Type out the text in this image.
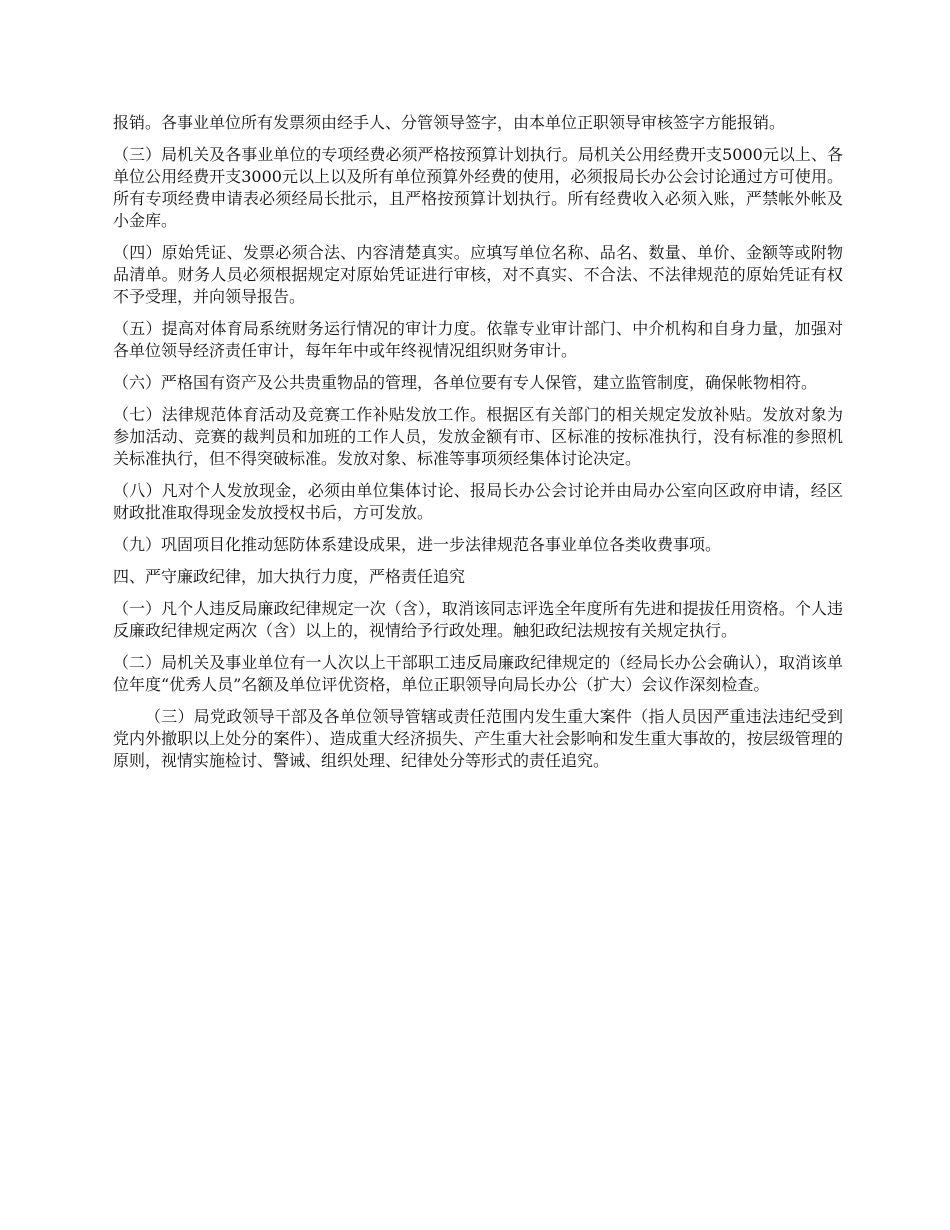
报销。各事业单位所有发票须由经手人、分管领导签字，由本单位正职领导审核签字方能报销。

（三）局机关及各事业单位的专项经费必须严格按预算计划执行。局机关公用经费开支5000元以上、各单位公用经费开支3000元以上以及所有单位预算外经费的使用，必须报局长办公会讨论通过方可使用。所有专项经费申请表必须经局长批示，且严格按预算计划执行。所有经费收入必须入账，严禁帐外帐及小金库。

（四）原始凭证、发票必须合法、内容清楚真实。应填写单位名称、品名、数量、单价、金额等或附物品清单。财务人员必须根据规定对原始凭证进行审核，对不真实、不合法、不法律规范的原始凭证有权不予受理，并向领导报告。

（五）提高对体育局系统财务运行情况的审计力度。依靠专业审计部门、中介机构和自身力量，加强对各单位领导经济责任审计，每年年中或年终视情况组织财务审计。

（六）严格国有资产及公共贵重物品的管理，各单位要有专人保管，建立监管制度，确保帐物相符。

（七）法律规范体育活动及竞赛工作补贴发放工作。根据区有关部门的相关规定发放补贴。发放对象为参加活动、竞赛的裁判员和加班的工作人员，发放金额有市、区标准的按标准执行，没有标准的参照机关标准执行，但不得突破标准。发放对象、标准等事项须经集体讨论决定。

（八）凡对个人发放现金，必须由单位集体讨论、报局长办公会讨论并由局办公室向区政府申请，经区财政批准取得现金发放授权书后，方可发放。

（九）巩固项目化推动惩防体系建设成果，进一步法律规范各事业单位各类收费事项。

四、严守廉政纪律，加大执行力度，严格责任追究

（一）凡个人违反局廉政纪律规定一次（含），取消该同志评选全年度所有先进和提拔任用资格。个人违反廉政纪律规定两次（含）以上的，视情给予行政处理。触犯政纪法规按有关规定执行。

（二）局机关及事业单位有一人次以上干部职工违反局廉政纪律规定的（经局长办公会确认），取消该单位年度“优秀人员”名额及单位评优资格，单位正职领导向局长办公（扩大）会议作深刻检查。

（三）局党政领导干部及各单位领导管辖或责任范围内发生重大案件（指人员因严重违法违纪受到党内外撤职以上处分的案件）、造成重大经济损失、产生重大社会影响和发生重大事故的，按层级管理的原则，视情实施检讨、警诫、组织处理、纪律处分等形式的责任追究。
